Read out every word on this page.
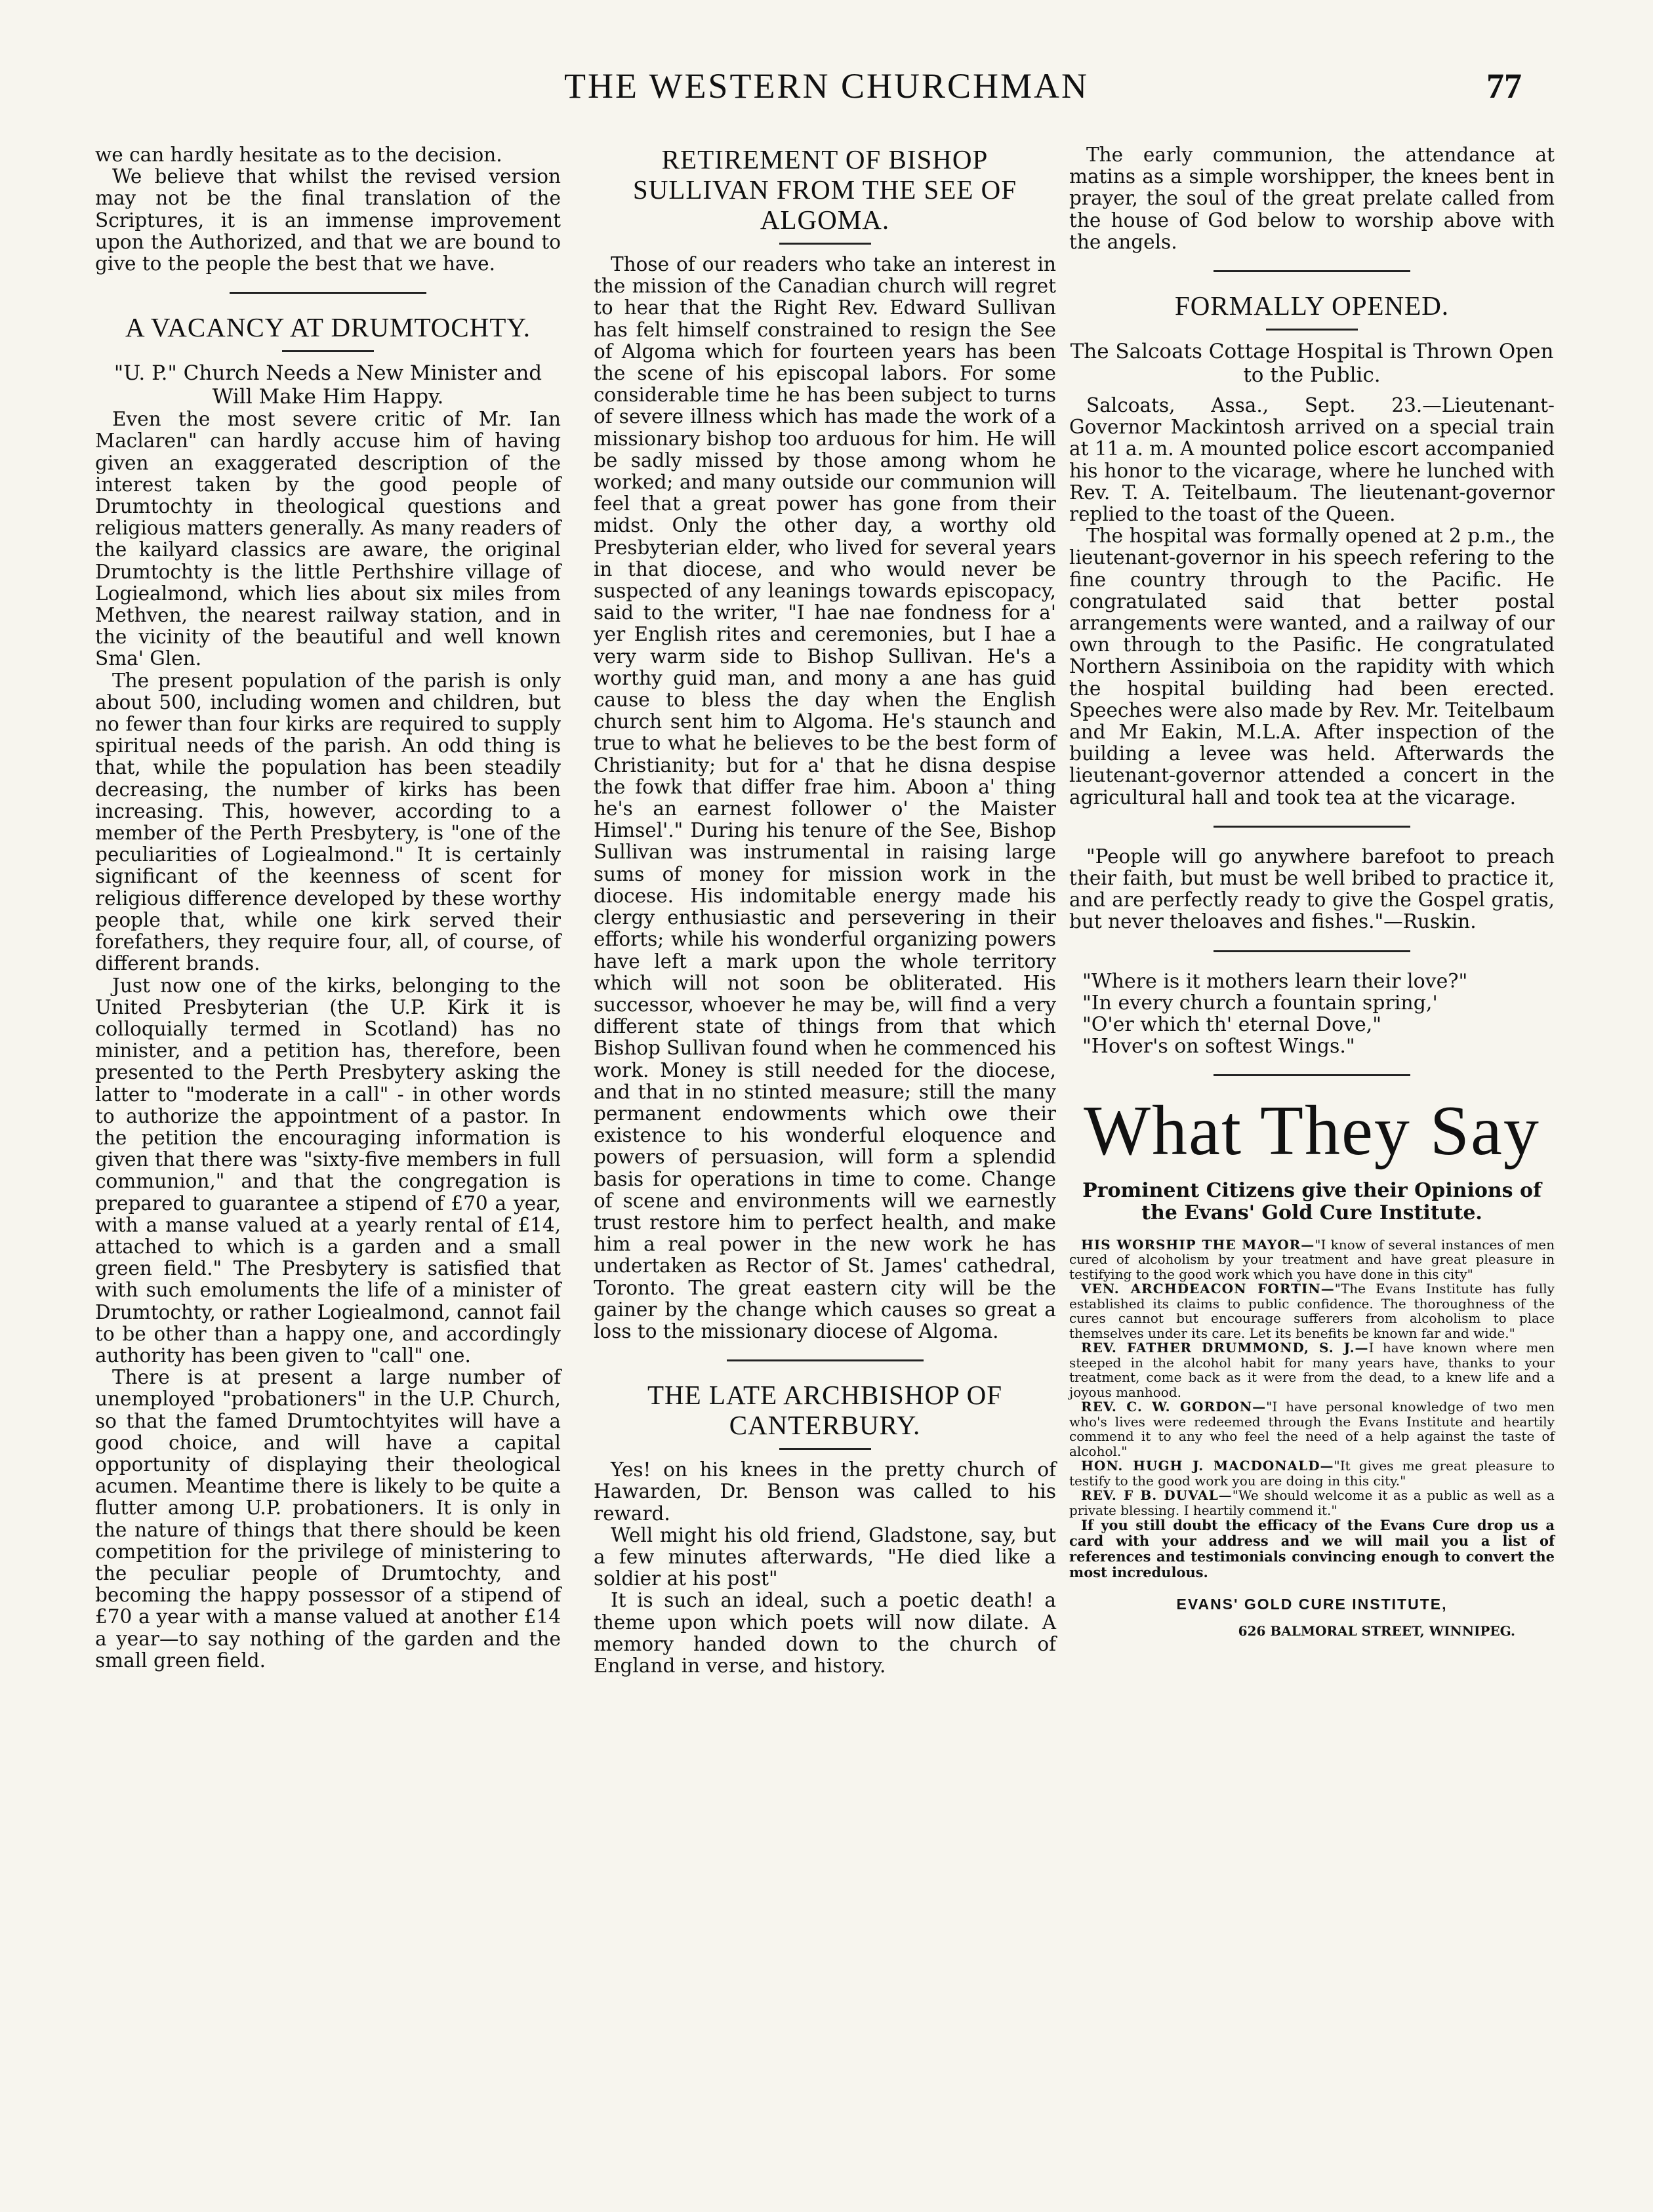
THE WESTERN CHURCHMAN	77

we can hardly hesitate as to the decision.

We believe that whilst the revised version may not be the final translation of the Scriptures, it is an immense improvement upon the Authorized, and that we are bound to give to the people the best that we have.

A VACANCY AT DRUMTOCHTY.
"U. P." Church Needs a New Minister and Will Make Him Happy.

Even the most severe critic of Mr. Ian Maclaren" can hardly accuse him of having given an exaggerated description of the interest taken by the good people of Drumtochty in theological questions and religious matters generally. As many readers of the kailyard classics are aware, the original Drumtochty is the little Perthshire village of Logiealmond, which lies about six miles from Methven, the nearest railway station, and in the vicinity of the beautiful and well known Sma' Glen.

The present population of the parish is only about 500, including women and children, but no fewer than four kirks are required to supply spiritual needs of the parish. An odd thing is that, while the population has been steadily decreasing, the number of kirks has been increasing. This, however, according to a member of the Perth Presbytery, is "one of the peculiarities of Logiealmond." It is certainly significant of the keenness of scent for religious difference developed by these worthy people that, while one kirk served their forefathers, they require four, all, of course, of different brands.

Just now one of the kirks, belonging to the United Presbyterian (the U.P. Kirk it is colloquially termed in Scotland) has no minister, and a petition has, therefore, been presented to the Perth Presbytery asking the latter to "moderate in a call" - in other words to authorize the appointment of a pastor. In the petition the encouraging information is given that there was "sixty-five members in full communion," and that the congregation is prepared to guarantee a stipend of £70 a year, with a manse valued at a yearly rental of £14, attached to which is a garden and a small green field." The Presbytery is satisfied that with such emoluments the life of a minister of Drumtochty, or rather Logiealmond, cannot fail to be other than a happy one, and accordingly authority has been given to "call" one.

There is at present a large number of unemployed "probationers" in the U.P. Church, so that the famed Drumtochtyites will have a good choice, and will have a capital opportunity of displaying their theological acumen. Meantime there is likely to be quite a flutter among U.P. probationers. It is only in the nature of things that there should be keen competition for the privilege of ministering to the peculiar people of Drumtochty, and becoming the happy possessor of a stipend of £70 a year with a manse valued at another £14 a year—to say nothing of the garden and the small green field.

RETIREMENT OF BISHOP SULLIVAN FROM THE SEE OF ALGOMA.

Those of our readers who take an interest in the mission of the Canadian church will regret to hear that the Right Rev. Edward Sullivan has felt himself constrained to resign the See of Algoma which for fourteen years has been the scene of his episcopal labors. For some considerable time he has been subject to turns of severe illness which has made the work of a missionary bishop too arduous for him. He will be sadly missed by those among whom he worked; and many outside our communion will feel that a great power has gone from their midst. Only the other day, a worthy old Presbyterian elder, who lived for several years in that diocese, and who would never be suspected of any leanings towards episcopacy, said to the writer, "I hae nae fondness for a' yer English rites and ceremonies, but I hae a very warm side to Bishop Sullivan. He's a worthy guid man, and mony a ane has guid cause to bless the day when the English church sent him to Algoma. He's staunch and true to what he believes to be the best form of Christianity; but for a' that he disna despise the fowk that differ frae him. Aboon a' thing he's an earnest follower o' the Maister Himsel'." During his tenure of the See, Bishop Sullivan was instrumental in raising large sums of money for mission work in the diocese. His indomitable energy made his clergy enthusiastic and persevering in their efforts; while his wonderful organizing powers have left a mark upon the whole territory which will not soon be obliterated. His successor, whoever he may be, will find a very different state of things from that which Bishop Sullivan found when he commenced his work. Money is still needed for the diocese, and that in no stinted measure; still the many permanent endowments which owe their existence to his wonderful eloquence and powers of persuasion, will form a splendid basis for operations in time to come. Change of scene and environments will we earnestly trust restore him to perfect health, and make him a real power in the new work he has undertaken as Rector of St. James' cathedral, Toronto. The great eastern city will be the gainer by the change which causes so great a loss to the missionary diocese of Algoma.

THE LATE ARCHBISHOP OF CANTERBURY.

Yes! on his knees in the pretty church of Hawarden, Dr. Benson was called to his reward.

Well might his old friend, Gladstone, say, but a few minutes afterwards, "He died like a soldier at his post"

It is such an ideal, such a poetic death! a theme upon which poets will now dilate. A memory handed down to the church of England in verse, and history.

The early communion, the attendance at matins as a simple worshipper, the knees bent in prayer, the soul of the great prelate called from the house of God below to worship above with the angels.

FORMALLY OPENED.
The Salcoats Cottage Hospital is Thrown Open to the Public.

Salcoats, Assa., Sept. 23.—Lieutenant-Governor Mackintosh arrived on a special train at 11 a. m. A mounted police escort accompanied his honor to the vicarage, where he lunched with Rev. T. A. Teitelbaum. The lieutenant-governor replied to the toast of the Queen.

The hospital was formally opened at 2 p.m., the lieutenant-governor in his speech refering to the fine country through to the Pacific. He congratulated said that better postal arrangements were wanted, and a railway of our own through to the Pasific. He congratulated Northern Assiniboia on the rapidity with which the hospital building had been erected. Speeches were also made by Rev. Mr. Teitelbaum and Mr Eakin, M.L.A. After inspection of the building a levee was held. Afterwards the lieutenant-governor attended a concert in the agricultural hall and took tea at the vicarage.

"People will go anywhere barefoot to preach their faith, but must be well bribed to practice it, and are perfectly ready to give the Gospel gratis, but never theloaves and fishes."—Ruskin.

"Where is it mothers learn their love?"
"In every church a fountain spring,'
"O'er which th' eternal Dove,"
"Hover's on softest Wings."
What They Say
Prominent Citizens give their Opinions of the Evans' Gold Cure Institute.

HIS WORSHIP THE MAYOR—"I know of several instances of men cured of alcoholism by your treatment and have great pleasure in testifying to the good work which you have done in this city"

VEN. ARCHDEACON FORTIN—"The Evans Institute has fully established its claims to public confidence. The thoroughness of the cures cannot but encourage sufferers from alcoholism to place themselves under its care. Let its benefits be known far and wide."

REV. FATHER DRUMMOND, S. J.—I have known where men steeped in the alcohol habit for many years have, thanks to your treatment, come back as it were from the dead, to a knew life and a joyous manhood.

REV. C. W. GORDON—"I have personal knowledge of two men who's lives were redeemed through the Evans Institute and heartily commend it to any who feel the need of a help against the taste of alcohol."

HON. HUGH J. MACDONALD—"It gives me great pleasure to testify to the good work you are doing in this city."

REV. F B. DUVAL—"We should welcome it as a public as well as a private blessing. I heartily commend it."

If you still doubt the efficacy of the Evans Cure drop us a card with your address and we will mail you a list of references and testimonials convincing enough to convert the most incredulous.

EVANS' GOLD CURE INSTITUTE,
626 BALMORAL STREET, WINNIPEG.
